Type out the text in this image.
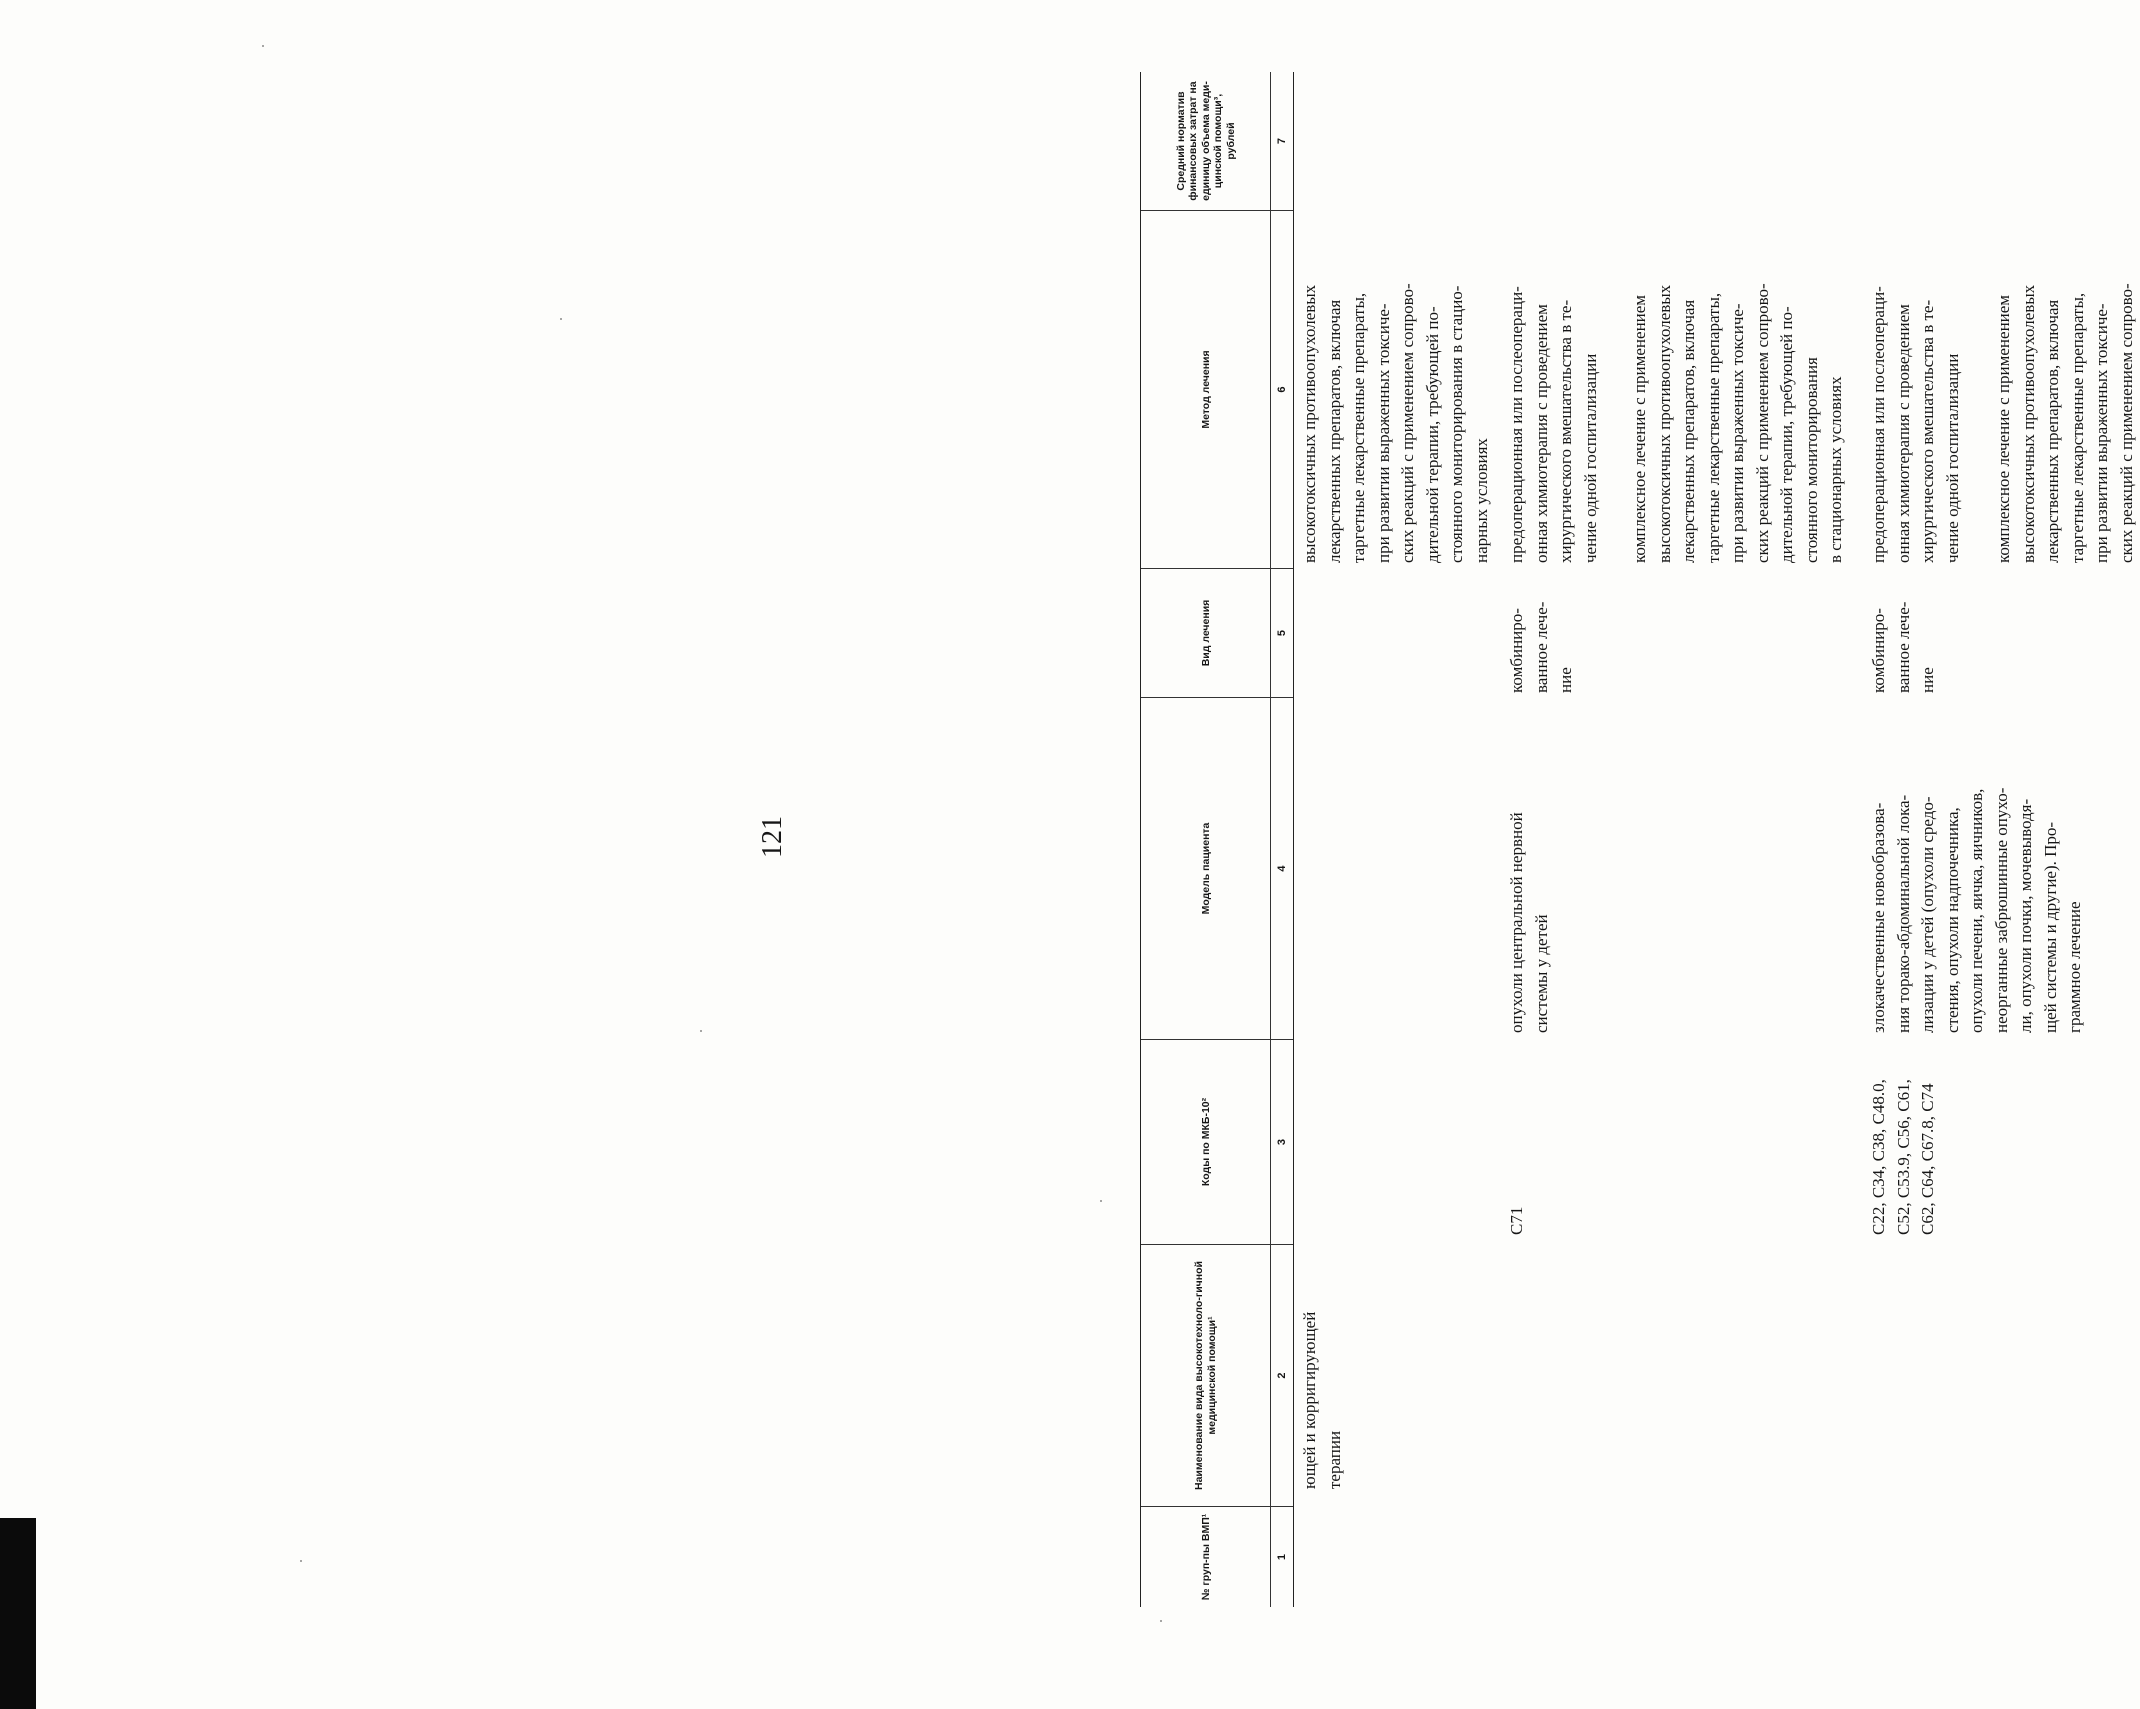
121
№ груп-пы ВМП¹
Наименование вида высокотехноло-гичной медицинской помощи¹
Коды по МКБ-10²
Модель пациента
Вид лечения
Метод лечения
Средний норматив финансовых затрат на единицу объема меди-цинской помощи³, рублей
1
2
3
4
5
6
7
ющей и корригирующей
терапии
высокотоксичных противоопухолевых
лекарственных препаратов, включая
таргетные лекарственные препараты,
при развитии выраженных токсиче-
ских реакций с применением сопрово-
дительной терапии, требующей по-
стоянного мониторирования в стацио-
нарных условиях
C71
опухоли центральной нервной
системы у детей
комбиниро-
ванное лече-
ние
предоперационная или послеопераци-
онная химиотерапия с проведением
хирургического вмешательства в те-
чение одной госпитализации
комплексное лечение с применением
высокотоксичных противоопухолевых
лекарственных препаратов, включая
таргетные лекарственные препараты,
при развитии выраженных токсиче-
ских реакций с применением сопрово-
дительной терапии, требующей по-
стоянного мониторирования
в стационарных условиях
C22, C34, C38, C48.0,
C52, C53.9, C56, C61,
C62, C64, C67.8, C74
злокачественные новообразова-
ния торако-абдоминальной лока-
лизации у детей (опухоли средо-
стения, опухоли надпочечника,
опухоли печени, яичка, яичников,
неорганные забрюшинные опухо-
ли, опухоли почки, мочевыводя-
щей системы и другие). Про-
граммное лечение
комбиниро-
ванное лече-
ние
предоперационная или послеопераци-
онная химиотерапия с проведением
хирургического вмешательства в те-
чение одной госпитализации
комплексное лечение с применением
высокотоксичных противоопухолевых
лекарственных препаратов, включая
таргетные лекарственные препараты,
при развитии выраженных токсиче-
ских реакций с применением сопрово-
